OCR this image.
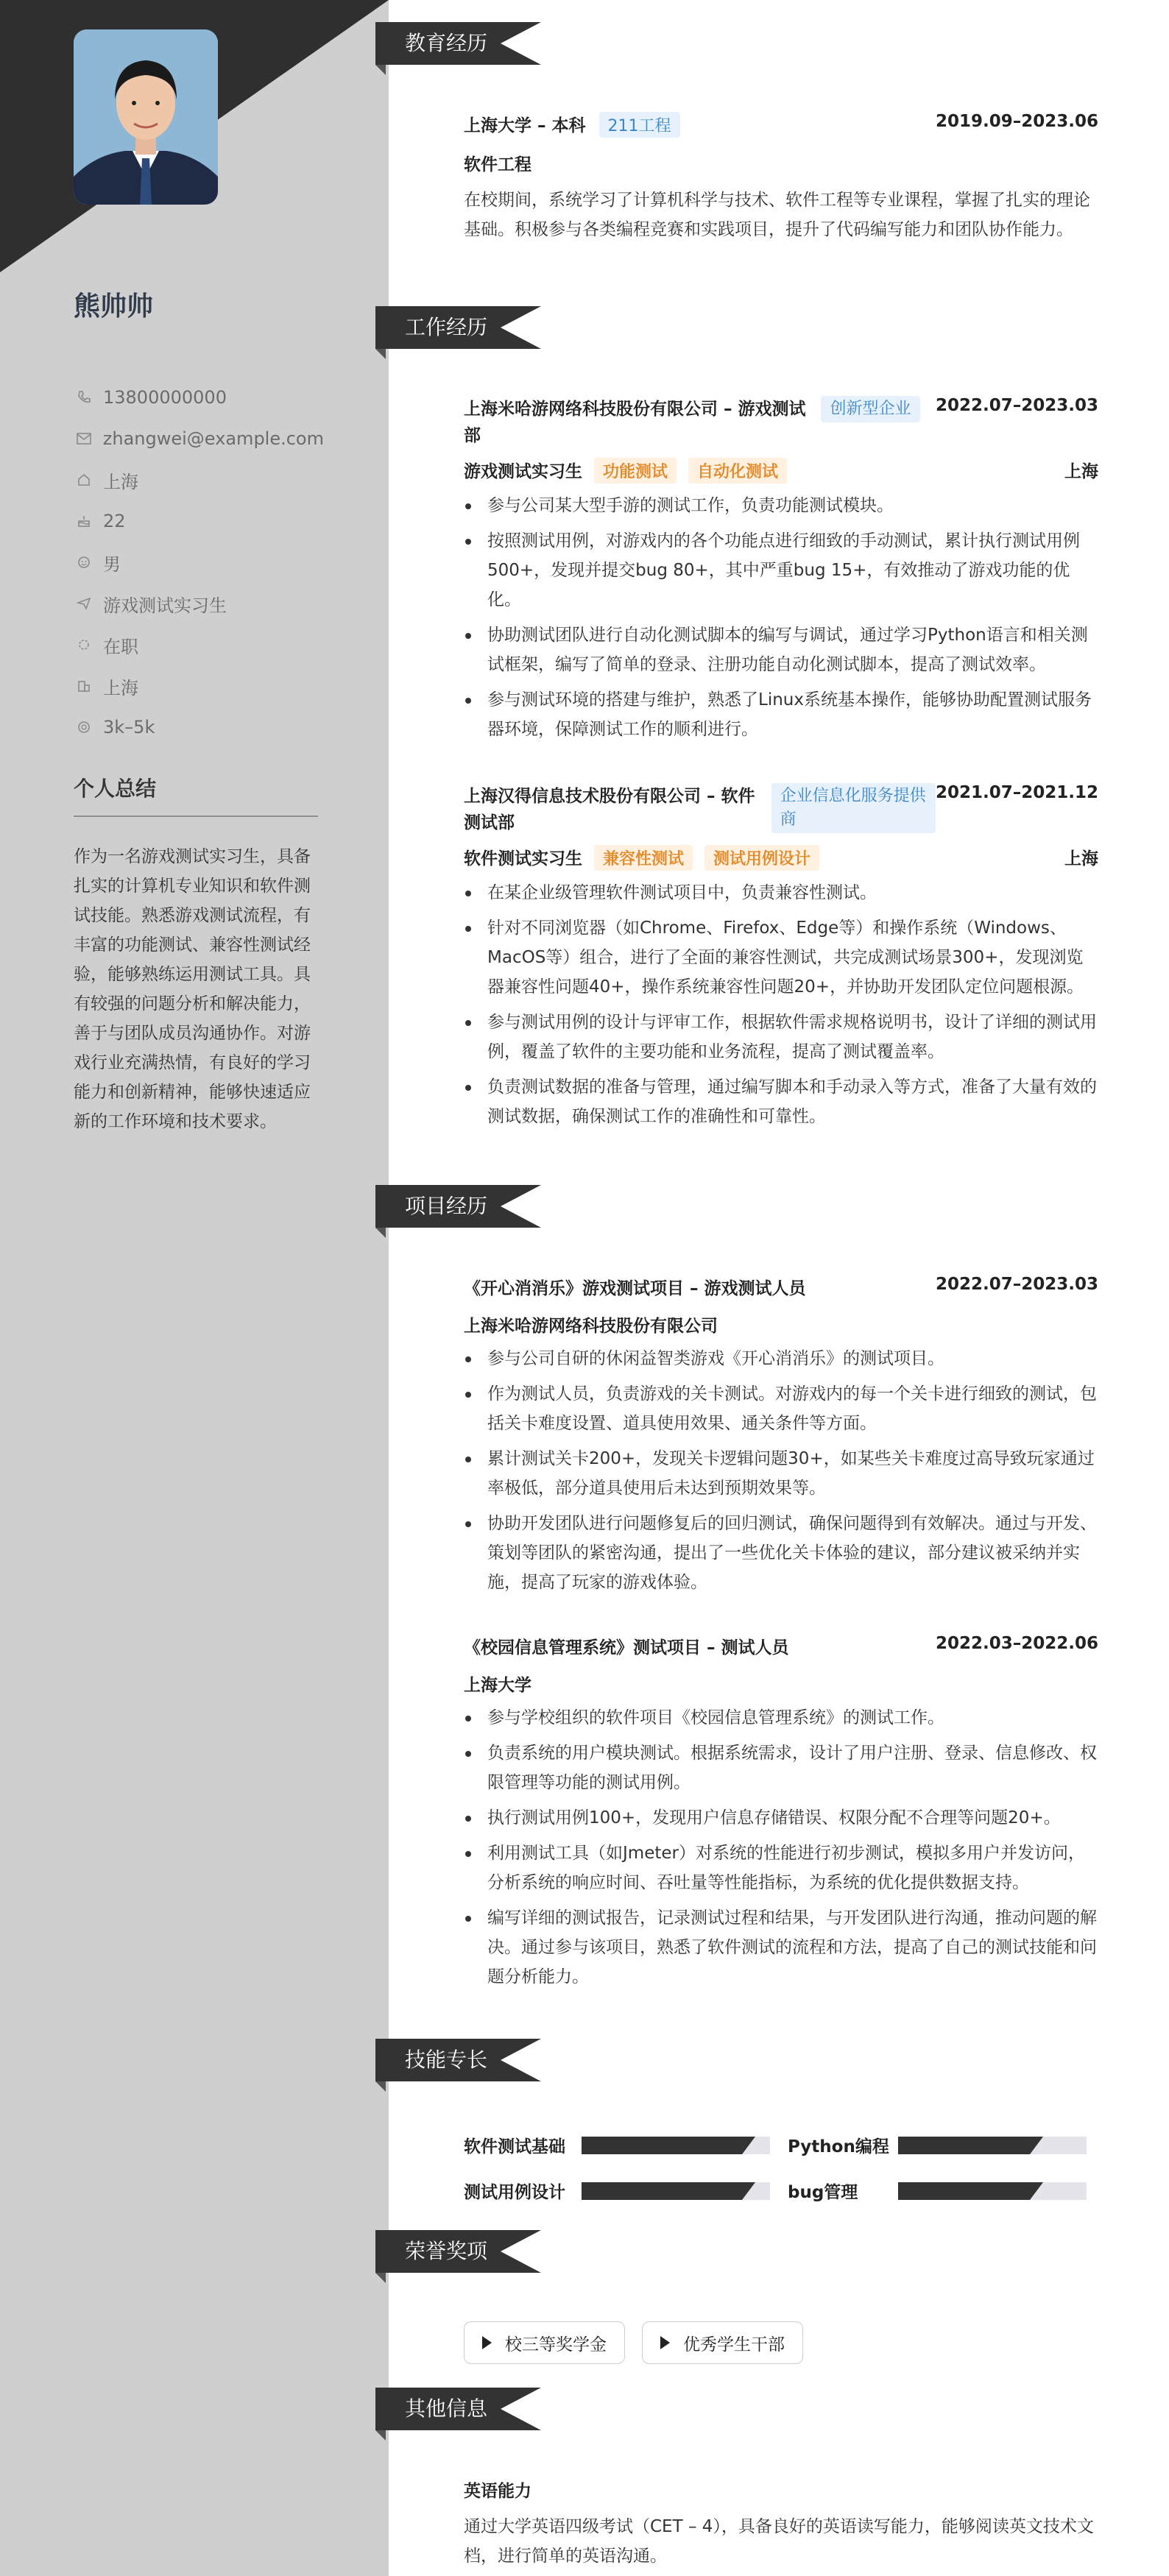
熊帅帅
13800000000
zhangwei@example.com
上海
22
男
游戏测试实习生
在职
上海
3k–5k
个人总结

作为一名游戏测试实习生，具备扎实的计算机专业知识和软件测试技能。熟悉游戏测试流程，有丰富的功能测试、兼容性测试经验，能够熟练运用测试工具。具有较强的问题分析和解决能力，善于与团队成员沟通协作。对游戏行业充满热情，有良好的学习能力和创新精神，能够快速适应新的工作环境和技术要求。

教育经历
工作经历
项目经历
技能专长
荣誉奖项
其他信息
上海大学 – 本科 211工程	2019.09–2023.06
软件工程
在校期间，系统学习了计算机科学与技术、软件工程等专业课程，掌握了扎实的理论基础。积极参与各类编程竞赛和实践项目，提升了代码编写能力和团队协作能力。
上海米哈游网络科技股份有限公司 – 游戏测试部
创新型企业	2022.07–2023.03
游戏测试实习生 功能测试 自动化测试	上海
参与公司某大型手游的测试工作，负责功能测试模块。
按照测试用例，对游戏内的各个功能点进行细致的手动测试，累计执行测试用例500+，发现并提交bug 80+，其中严重bug 15+，有效推动了游戏功能的优化。
协助测试团队进行自动化测试脚本的编写与调试，通过学习Python语言和相关测试框架，编写了简单的登录、注册功能自动化测试脚本，提高了测试效率。
参与测试环境的搭建与维护，熟悉了Linux系统基本操作，能够协助配置测试服务器环境，保障测试工作的顺利进行。
上海汉得信息技术股份有限公司 – 软件测试部
企业信息化服务提供商
2021.07–2021.12
软件测试实习生 兼容性测试 测试用例设计	上海
在某企业级管理软件测试项目中，负责兼容性测试。
针对不同浏览器（如Chrome、Firefox、Edge等）和操作系统（Windows、MacOS等）组合，进行了全面的兼容性测试，共完成测试场景300+，发现浏览器兼容性问题40+，操作系统兼容性问题20+，并协助开发团队定位问题根源。
参与测试用例的设计与评审工作，根据软件需求规格说明书，设计了详细的测试用例，覆盖了软件的主要功能和业务流程，提高了测试覆盖率。
负责测试数据的准备与管理，通过编写脚本和手动录入等方式，准备了大量有效的测试数据，确保测试工作的准确性和可靠性。
《开心消消乐》游戏测试项目 – 游戏测试人员	2022.07–2023.03
上海米哈游网络科技股份有限公司
参与公司自研的休闲益智类游戏《开心消消乐》的测试项目。
作为测试人员，负责游戏的关卡测试。对游戏内的每一个关卡进行细致的测试，包括关卡难度设置、道具使用效果、通关条件等方面。
累计测试关卡200+，发现关卡逻辑问题30+，如某些关卡难度过高导致玩家通过率极低，部分道具使用后未达到预期效果等。
协助开发团队进行问题修复后的回归测试，确保问题得到有效解决。通过与开发、策划等团队的紧密沟通，提出了一些优化关卡体验的建议，部分建议被采纳并实施，提高了玩家的游戏体验。
《校园信息管理系统》测试项目 – 测试人员	2022.03–2022.06
上海大学
参与学校组织的软件项目《校园信息管理系统》的测试工作。
负责系统的用户模块测试。根据系统需求，设计了用户注册、登录、信息修改、权限管理等功能的测试用例。
执行测试用例100+，发现用户信息存储错误、权限分配不合理等问题20+。
利用测试工具（如Jmeter）对系统的性能进行初步测试，模拟多用户并发访问，分析系统的响应时间、吞吐量等性能指标，为系统的优化提供数据支持。
编写详细的测试报告，记录测试过程和结果，与开发团队进行沟通，推动问题的解决。通过参与该项目，熟悉了软件测试的流程和方法，提高了自己的测试技能和问题分析能力。
软件测试基础	Python编程
测试用例设计	bug管理
校三等奖学金	优秀学生干部
英语能力
通过大学英语四级考试（CET – 4），具备良好的英语读写能力，能够阅读英文技术文档，进行简单的英语沟通。
